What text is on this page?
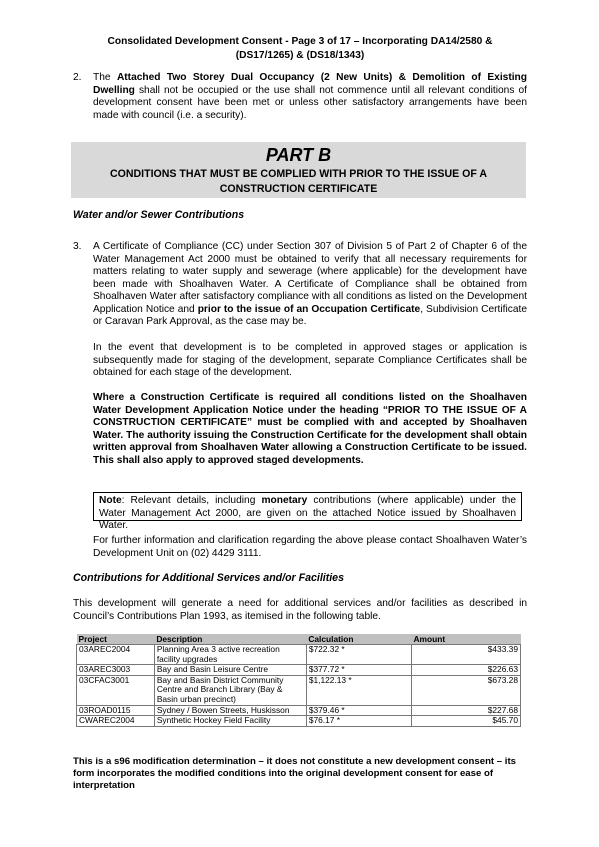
Consolidated Development Consent - Page 3 of 17 – Incorporating DA14/2580 &
(DS17/1265) & (DS18/1343)
2. The Attached Two Storey Dual Occupancy (2 New Units) & Demolition of Existing Dwelling shall not be occupied or the use shall not commence until all relevant conditions of development consent have been met or unless other satisfactory arrangements have been made with council (i.e. a security).
PART B
CONDITIONS THAT MUST BE COMPLIED WITH PRIOR TO THE ISSUE OF A
CONSTRUCTION CERTIFICATE
Water and/or Sewer Contributions
3. A Certificate of Compliance (CC) under Section 307 of Division 5 of Part 2 of Chapter 6 of the Water Management Act 2000 must be obtained to verify that all necessary requirements for matters relating to water supply and sewerage (where applicable) for the development have been made with Shoalhaven Water. A Certificate of Compliance shall be obtained from Shoalhaven Water after satisfactory compliance with all conditions as listed on the Development Application Notice and prior to the issue of an Occupation Certificate, Subdivision Certificate or Caravan Park Approval, as the case may be.
In the event that development is to be completed in approved stages or application is subsequently made for staging of the development, separate Compliance Certificates shall be obtained for each stage of the development.
Where a Construction Certificate is required all conditions listed on the Shoalhaven Water Development Application Notice under the heading “PRIOR TO THE ISSUE OF A CONSTRUCTION CERTIFICATE” must be complied with and accepted by Shoalhaven Water. The authority issuing the Construction Certificate for the development shall obtain written approval from Shoalhaven Water allowing a Construction Certificate to be issued. This shall also apply to approved staged developments.
Note: Relevant details, including monetary contributions (where applicable) under the Water Management Act 2000, are given on the attached Notice issued by Shoalhaven Water.
For further information and clarification regarding the above please contact Shoalhaven Water’s Development Unit on (02) 4429 3111.
Contributions for Additional Services and/or Facilities
This development will generate a need for additional services and/or facilities as described in Council’s Contributions Plan 1993, as itemised in the following table.
Project	Description	Calculation	Amount
03AREC2004	Planning Area 3 active recreation facility upgrades	$722.32 *	$433.39
03AREC3003	Bay and Basin Leisure Centre	$377.72 *	$226.63
03CFAC3001	Bay and Basin District Community Centre and Branch Library (Bay & Basin urban precinct)	$1,122.13 *	$673.28
03ROAD0115	Sydney / Bowen Streets, Huskisson	$379.46 *	$227.68
CWAREC2004	Synthetic Hockey Field Facility	$76.17 *	$45.70
This is a s96 modification determination – it does not constitute a new development consent – its form incorporates the modified conditions into the original development consent for ease of interpretation
